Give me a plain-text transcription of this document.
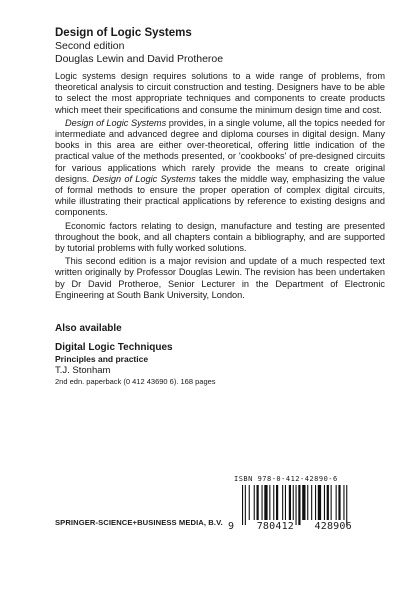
Design of Logic Systems
Second edition
Douglas Lewin and David Protheroe

Logic systems design requires solutions to a wide range of problems, from theoretical analysis to circuit construction and testing. Designers have to be able to select the most appropriate techniques and components to create products which meet their specifications and consume the minimum design time and cost.

Design of Logic Systems provides, in a single volume, all the topics needed for intermediate and advanced degree and diploma courses in digital design. Many books in this area are either over-theoretical, offering little indication of the practical value of the methods presented, or 'cookbooks' of pre-designed circuits for various applications which rarely provide the means to create original designs. Design of Logic Systems takes the middle way, emphasizing the value of formal methods to ensure the proper operation of complex digital circuits, while illustrating their practical applications by reference to existing designs and components.

Economic factors relating to design, manufacture and testing are presented throughout the book, and all chapters contain a bibliography, and are supported by tutorial problems with fully worked solutions.

This second edition is a major revision and update of a much respected text written originally by Professor Douglas Lewin. The revision has been undertaken by Dr David Protheroe, Senior Lecturer in the Department of Electronic Engineering at South Bank University, London.

Also available
Digital Logic Techniques
Principles and practice
T.J. Stonham
2nd edn. paperback (0 412 43690 6). 168 pages
SPRINGER-SCIENCE+BUSINESS MEDIA, B.V.
ISBN 978-0-412-42890-6
9 780412 428906
